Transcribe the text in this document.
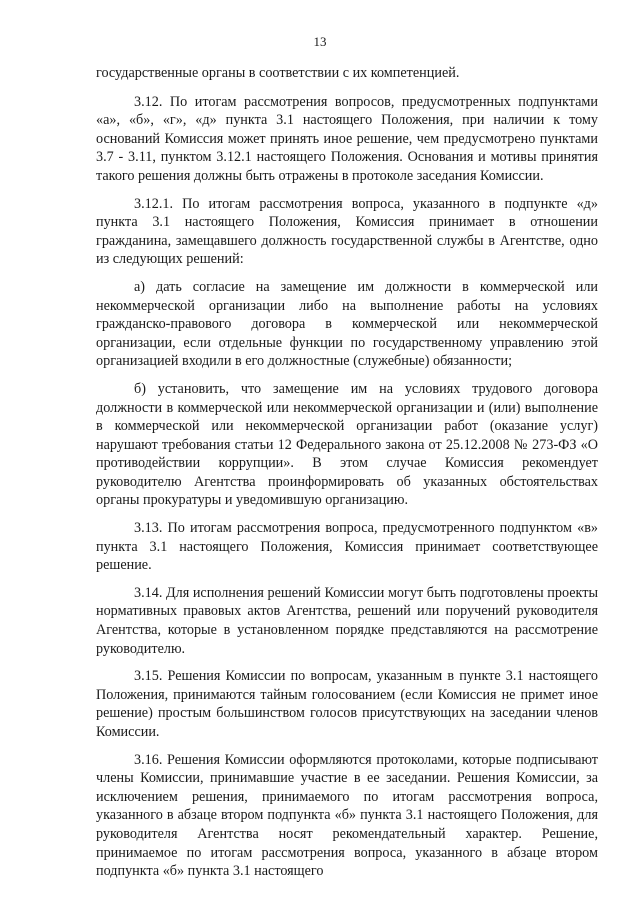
13

государственные органы в соответствии с их компетенцией.

3.12. По итогам рассмотрения вопросов, предусмотренных подпунктами «а», «б», «г», «д» пункта 3.1 настоящего Положения, при наличии к тому оснований Комиссия может принять иное решение, чем предусмотрено пунктами 3.7 - 3.11, пунктом 3.12.1 настоящего Положения. Основания и мотивы принятия такого решения должны быть отражены в протоколе заседания Комиссии.

3.12.1. По итогам рассмотрения вопроса, указанного в подпункте «д» пункта 3.1 настоящего Положения, Комиссия принимает в отношении гражданина, замещавшего должность государственной службы в Агентстве, одно из следующих решений:

а) дать согласие на замещение им должности в коммерческой или некоммерческой организации либо на выполнение работы на условиях гражданско-правового договора в коммерческой или некоммерческой организации, если отдельные функции по государственному управлению этой организацией входили в его должностные (служебные) обязанности;

б) установить, что замещение им на условиях трудового договора должности в коммерческой или некоммерческой организации и (или) выполнение в коммерческой или некоммерческой организации работ (оказание услуг) нарушают требования статьи 12 Федерального закона от 25.12.2008 № 273-ФЗ «О противодействии коррупции». В этом случае Комиссия рекомендует руководителю Агентства проинформировать об указанных обстоятельствах органы прокуратуры и уведомившую организацию.

3.13. По итогам рассмотрения вопроса, предусмотренного подпунктом «в» пункта 3.1 настоящего Положения, Комиссия принимает соответствующее решение.

3.14. Для исполнения решений Комиссии могут быть подготовлены проекты нормативных правовых актов Агентства, решений или поручений руководителя Агентства, которые в установленном порядке представляются на рассмотрение руководителю.

3.15. Решения Комиссии по вопросам, указанным в пункте 3.1 настоящего Положения, принимаются тайным голосованием (если Комиссия не примет иное решение) простым большинством голосов присутствующих на заседании членов Комиссии.

3.16. Решения Комиссии оформляются протоколами, которые подписывают члены Комиссии, принимавшие участие в ее заседании. Решения Комиссии, за исключением решения, принимаемого по итогам рассмотрения вопроса, указанного в абзаце втором подпункта «б» пункта 3.1 настоящего Положения, для руководителя Агентства носят рекомендательный характер. Решение, принимаемое по итогам рассмотрения вопроса, указанного в абзаце втором подпункта «б» пункта 3.1 настоящего
